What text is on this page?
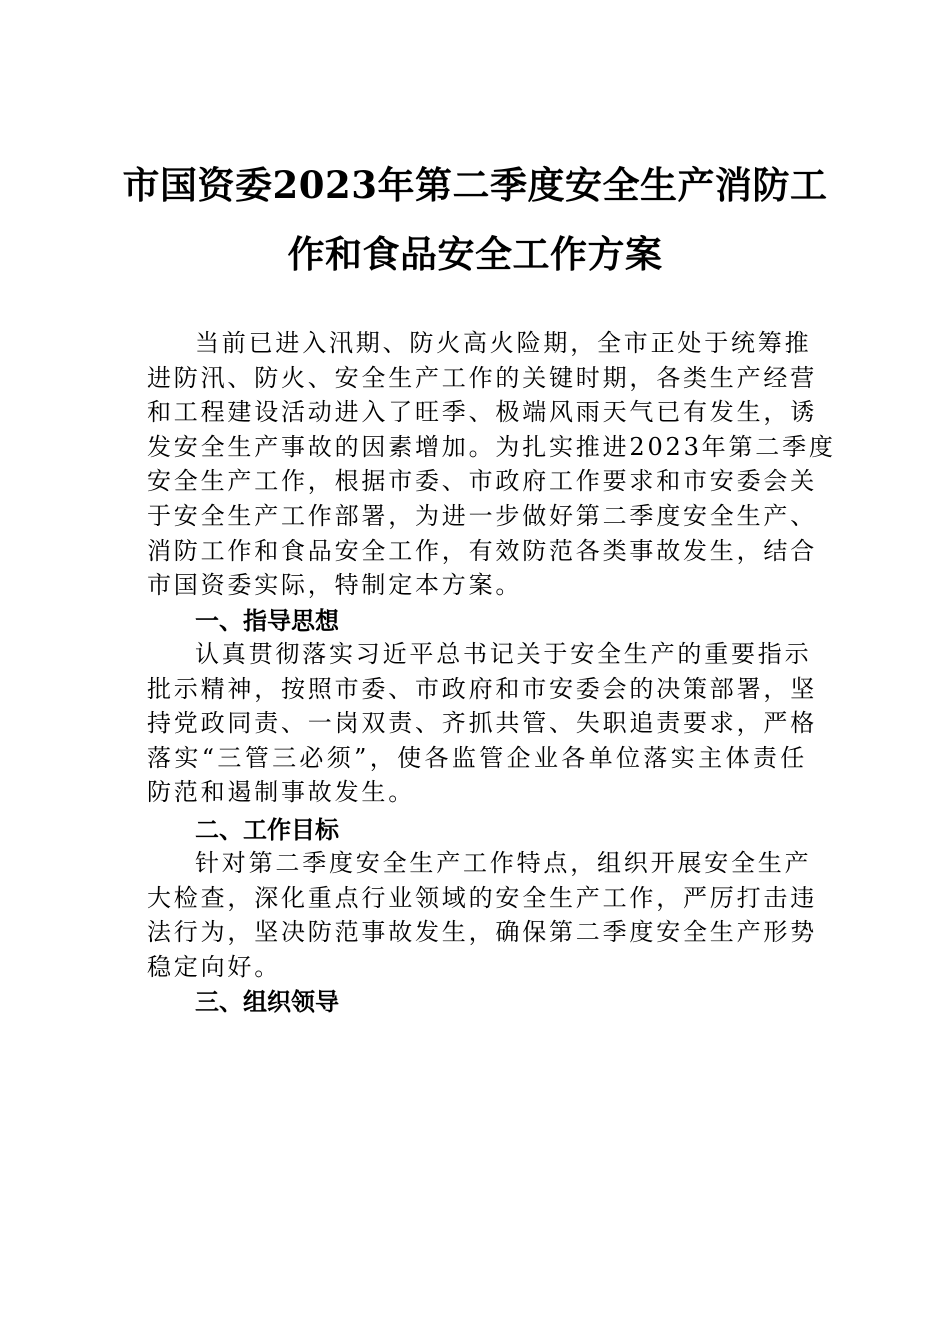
市国资委2023年第二季度安全生产消防工
作和食品安全工作方案
当前已进入汛期、防火高火险期，全市正处于统筹推
进防汛、防火、安全生产工作的关键时期，各类生产经营
和工程建设活动进入了旺季、极端风雨天气已有发生，诱
发安全生产事故的因素增加。为扎实推进2023年第二季度
安全生产工作，根据市委、市政府工作要求和市安委会关
于安全生产工作部署，为进一步做好第二季度安全生产、
消防工作和食品安全工作，有效防范各类事故发生，结合
市国资委实际，特制定本方案。
一、指导思想
认真贯彻落实习近平总书记关于安全生产的重要指示
批示精神，按照市委、市政府和市安委会的决策部署，坚
持党政同责、一岗双责、齐抓共管、失职追责要求，严格
落实“三管三必须”，使各监管企业各单位落实主体责任
防范和遏制事故发生。
二、工作目标
针对第二季度安全生产工作特点，组织开展安全生产
大检查，深化重点行业领域的安全生产工作，严厉打击违
法行为，坚决防范事故发生，确保第二季度安全生产形势
稳定向好。
三、组织领导
